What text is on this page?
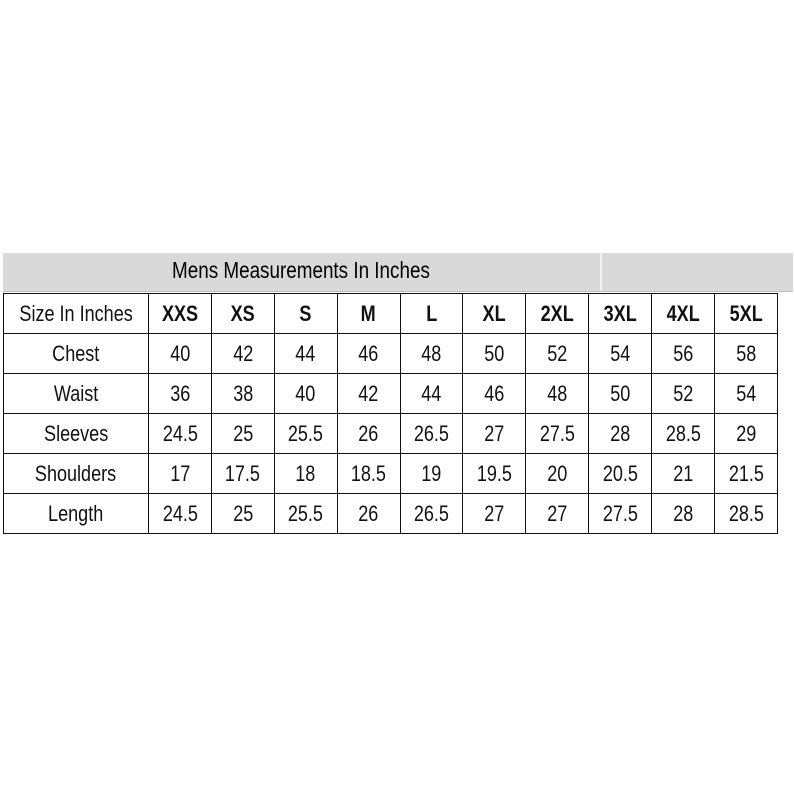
Mens Measurements In Inches
Size In Inches	XXS	XS	S	M	L	XL	2XL	3XL	4XL	5XL
Chest	40	42	44	46	48	50	52	54	56	58
Waist	36	38	40	42	44	46	48	50	52	54
Sleeves	24.5	25	25.5	26	26.5	27	27.5	28	28.5	29
Shoulders	17	17.5	18	18.5	19	19.5	20	20.5	21	21.5
Length	24.5	25	25.5	26	26.5	27	27	27.5	28	28.5
